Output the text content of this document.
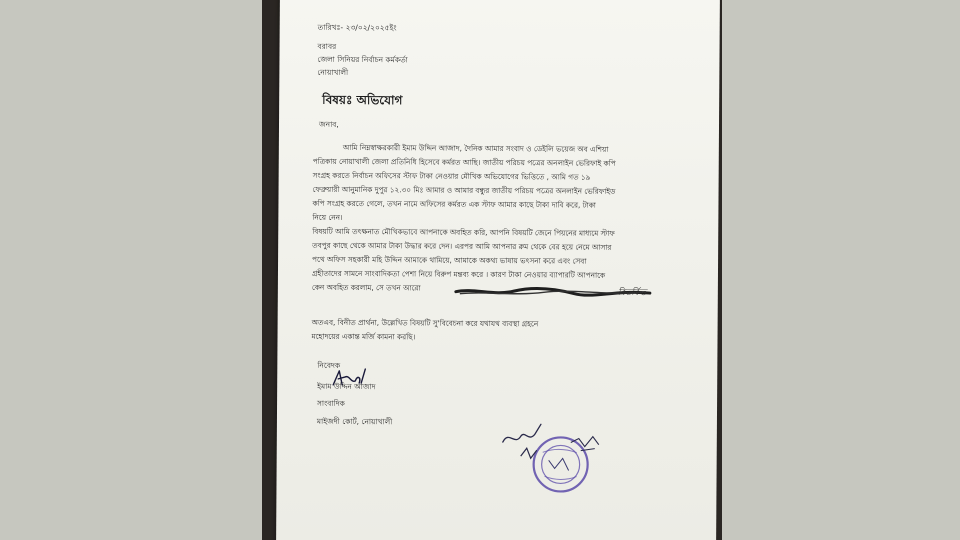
তারিখঃ- ২৩/০২/২০২৫ইং
বরাবর
জেলা সিনিয়র নির্বাচন কর্মকর্তা
নোয়াখালী
বিষয়ঃ অভিযোগ
জনাব,
আমি নিম্নস্বাক্ষরকারী ইমাম উদ্দিন আজাদ, দৈনিক আমার সংবাদ ও ডেইলি ভয়েজ অব এশিয়া
পত্রিকায় নোয়াখালী জেলা প্রতিনিধি হিসেবে কর্মরত আছি। জাতীয় পরিচয় পত্রের অনলাইন ভেরিফাই কপি
সংগ্রহ করতে নির্বাচন অফিসের স্টাফ টাকা নেওয়ার মৌখিক অভিযোগের ভিত্তিতে , আমি গত ১৯
ফেব্রুয়ারী আনুমানিক দুপুর ১২.৩০ মিঃ আমার ও আমার বন্ধুর জাতীয় পরিচয় পত্রের অনলাইন ভেরিফাইড
কপি সংগ্রহ করতে গেলে, তখন নামে অফিসের কর্মরত এক স্টাফ আমার কাছে টাকা দাবি করে, টাকা
নিয়ে নেন।
বিষয়টি আমি তৎক্ষনাত মৌখিকভাবে আপনাকে অবহিত করি, আপনি বিষয়টি জেনে পিয়নের মাধ্যমে স্টাফ
তবপুর কাছে থেকে আমার টাকা উদ্ধার করে দেন। এরপর আমি আপনার রুম থেকে বের হয়ে নেমে আসার
পথে অফিস সহকারী মহি উদ্দিন আমাকে থামিয়ে, আমাকে অকথ্য ভাষায় ভৎসনা করে এবং সেবা
গ্রহীতাদের সামনে সাংবাদিকতা পেশা নিয়ে বিরুপ মন্তব্য করে । কারণ টাকা নেওয়ার ব্যাপারটি আপনাকে
কেন অবহিত করলাম, সে তখন আরো	বিতর্কিত
অতএব, বিনীত প্রার্থনা, উল্লেখিত বিষয়টি সু'বিবেচনা করে যথাযথ ব্যবস্থা গ্রহনে
মহোদয়ের একান্ত মর্জি কামনা করছি।
নিবেদক
ইমাম উদ্দিন আজাদ
সাংবাদিক
মাইজদী কোর্ট, নোয়াখালী
